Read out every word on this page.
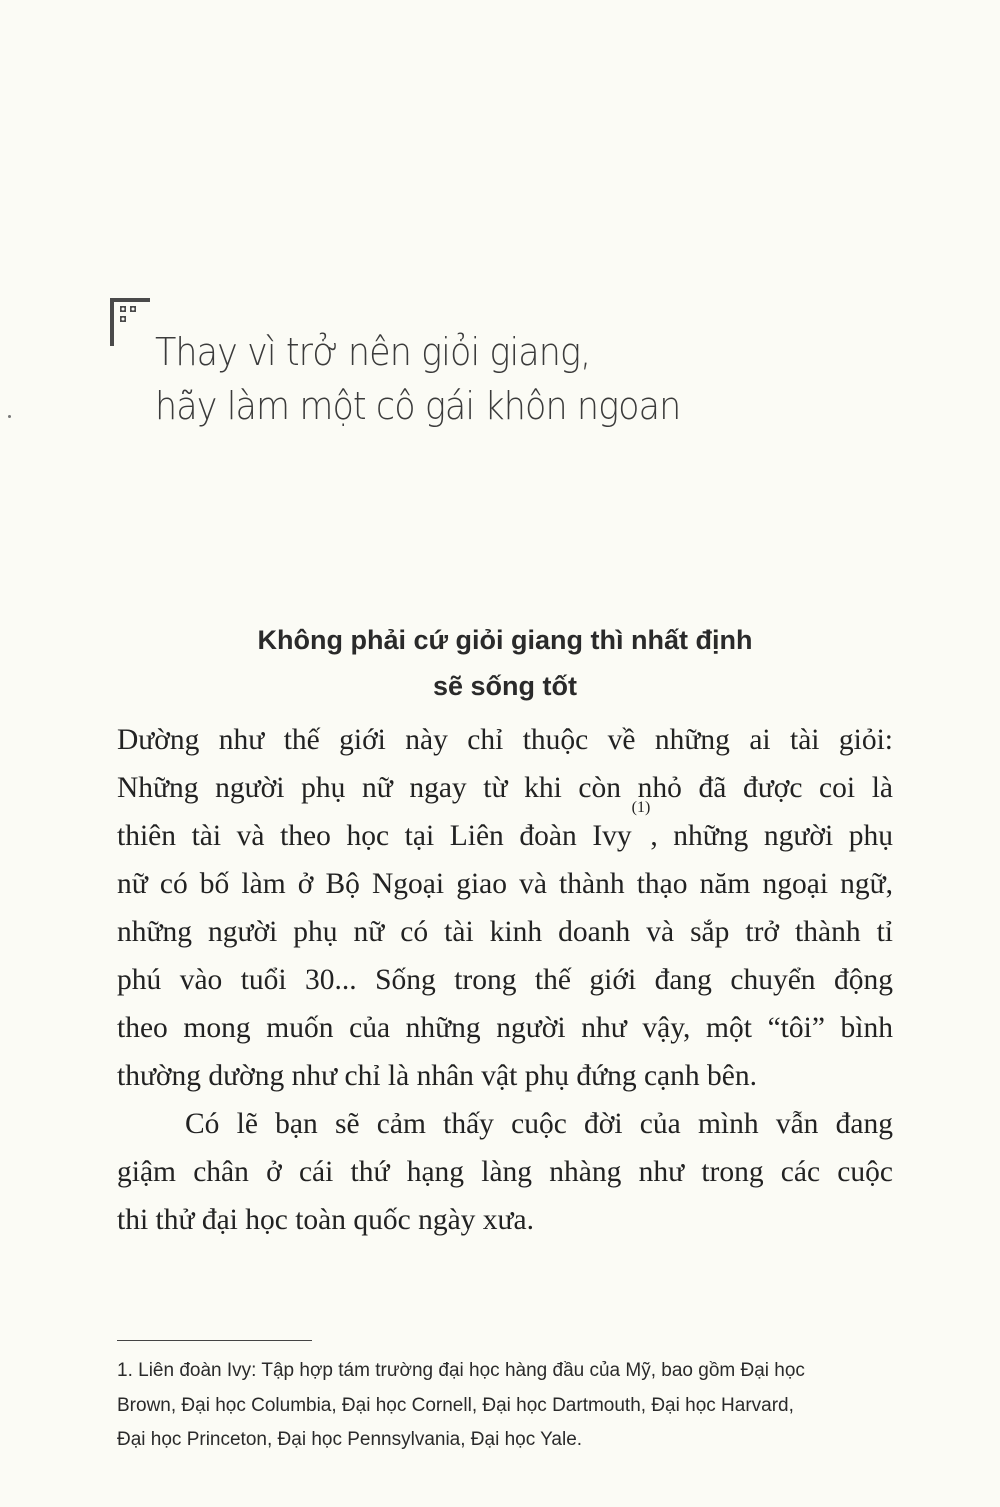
Thay vì trở nên giỏi giang,
hãy làm một cô gái khôn ngoan
Không phải cứ giỏi giang thì nhất định
sẽ sống tốt
Dường như thế giới này chỉ thuộc về những ai tài giỏi:
Những người phụ nữ ngay từ khi còn nhỏ đã được coi là
thiên tài và theo học tại Liên đoàn Ivy$^{(1)}$, những người phụ
nữ có bố làm ở Bộ Ngoại giao và thành thạo năm ngoại ngữ,
những người phụ nữ có tài kinh doanh và sắp trở thành tỉ
phú vào tuổi 30... Sống trong thế giới đang chuyển động
theo mong muốn của những người như vậy, một “tôi” bình
thường dường như chỉ là nhân vật phụ đứng cạnh bên.
Có lẽ bạn sẽ cảm thấy cuộc đời của mình vẫn đang
giậm chân ở cái thứ hạng làng nhàng như trong các cuộc
thi thử đại học toàn quốc ngày xưa.
1. Liên đoàn Ivy: Tập hợp tám trường đại học hàng đầu của Mỹ, bao gồm Đại học
Brown, Đại học Columbia, Đại học Cornell, Đại học Dartmouth, Đại học Harvard,
Đại học Princeton, Đại học Pennsylvania, Đại học Yale.
